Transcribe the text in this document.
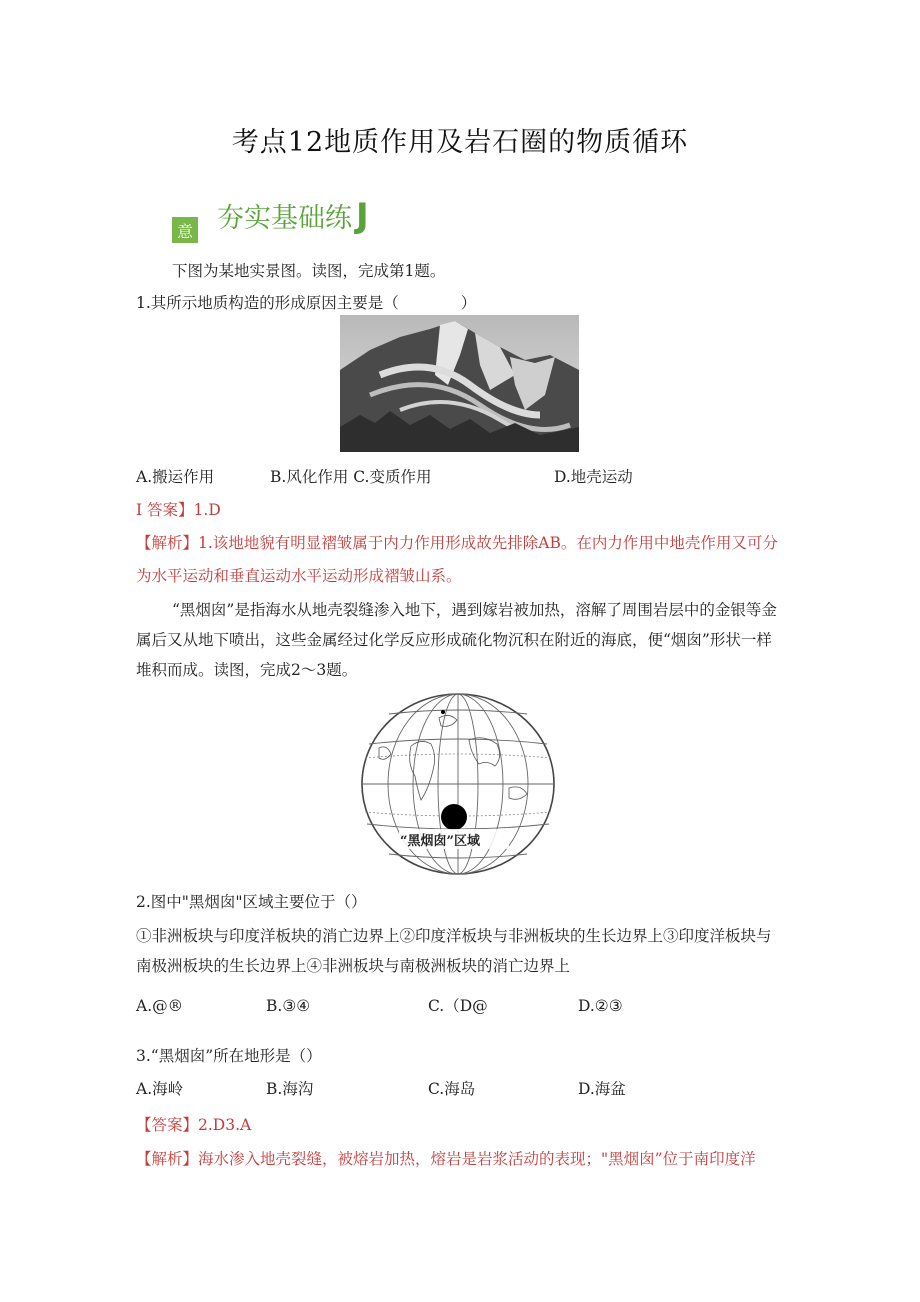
考点12地质作用及岩石圈的物质循环
意 夯实基础练 J
下图为某地实景图。读图，完成第1题。
1.其所示地质构造的形成原因主要是（　　　　）
A.搬运作用	B.风化作用 C.变质作用	D.地壳运动
I 答案】1.D
【解析】1.该地地貌有明显褶皱属于内力作用形成故先排除AB。在内力作用中地壳作用又可分
为水平运动和垂直运动水平运动形成褶皱山系。
“黑烟囱”是指海水从地壳裂缝渗入地下，遇到嫁岩被加热，溶解了周围岩层中的金银等金
属后又从地下喷出，这些金属经过化学反应形成硫化物沉积在附近的海底，便“烟囱”形状一样
堆积而成。读图，完成2～3题。
“黑烟囱”区域
2.图中"黑烟囱"区域主要位于（）
①非洲板块与印度洋板块的消亡边界上②印度洋板块与非洲板块的生长边界上③印度洋板块与
南极洲板块的生长边界上④非洲板块与南极洲板块的消亡边界上
A.@®	B.③④	C.（D@	D.②③
3.“黑烟囱”所在地形是（）
A.海岭	B.海沟	C.海岛	D.海盆
【答案】2.D3.A
【解析】海水渗入地壳裂缝，被熔岩加热，熔岩是岩浆活动的表现；"黑烟囱”位于南印度洋
